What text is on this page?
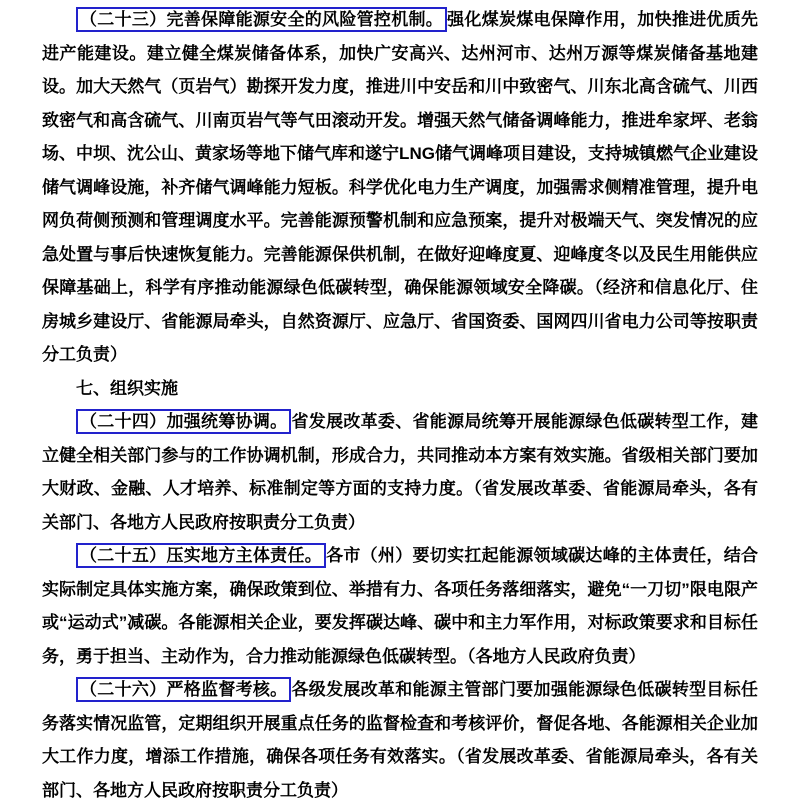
（二十三）完善保障能源安全的风险管控机制。 强化煤炭煤电保障作用，加快推进优质先进产能建设。建立健全煤炭储备体系，加快广安高兴、达州河市、达州万源等煤炭储备基地建设。加大天然气（页岩气）勘探开发力度，推进川中安岳和川中致密气、川东北高含硫气、川西致密气和高含硫气、川南页岩气等气田滚动开发。增强天然气储备调峰能力，推进牟家坪、老翁场、中坝、沈公山、黄家场等地下储气库和遂宁LNG储气调峰项目建设，支持城镇燃气企业建设储气调峰设施，补齐储气调峰能力短板。科学优化电力生产调度，加强需求侧精准管理，提升电网负荷侧预测和管理调度水平。完善能源预警机制和应急预案，提升对极端天气、突发情况的应急处置与事后快速恢复能力。完善能源保供机制，在做好迎峰度夏、迎峰度冬以及民生用能供应保障基础上，科学有序推动能源绿色低碳转型，确保能源领域安全降碳。（经济和信息化厅、住房城乡建设厅、省能源局牵头，自然资源厅、应急厅、省国资委、国网四川省电力公司等按职责分工负责）

七、组织实施

（二十四）加强统筹协调。 省发展改革委、省能源局统筹开展能源绿色低碳转型工作，建立健全相关部门参与的工作协调机制，形成合力，共同推动本方案有效实施。省级相关部门要加大财政、金融、人才培养、标准制定等方面的支持力度。（省发展改革委、省能源局牵头，各有关部门、各地方人民政府按职责分工负责）

（二十五）压实地方主体责任。 各市（州）要切实扛起能源领域碳达峰的主体责任，结合实际制定具体实施方案，确保政策到位、举措有力、各项任务落细落实，避免“一刀切”限电限产或“运动式”减碳。各能源相关企业，要发挥碳达峰、碳中和主力军作用，对标政策要求和目标任务，勇于担当、主动作为，合力推动能源绿色低碳转型。（各地方人民政府负责）

（二十六）严格监督考核。 各级发展改革和能源主管部门要加强能源绿色低碳转型目标任务落实情况监管，定期组织开展重点任务的监督检查和考核评价，督促各地、各能源相关企业加大工作力度，增添工作措施，确保各项任务有效落实。（省发展改革委、省能源局牵头，各有关部门、各地方人民政府按职责分工负责）
